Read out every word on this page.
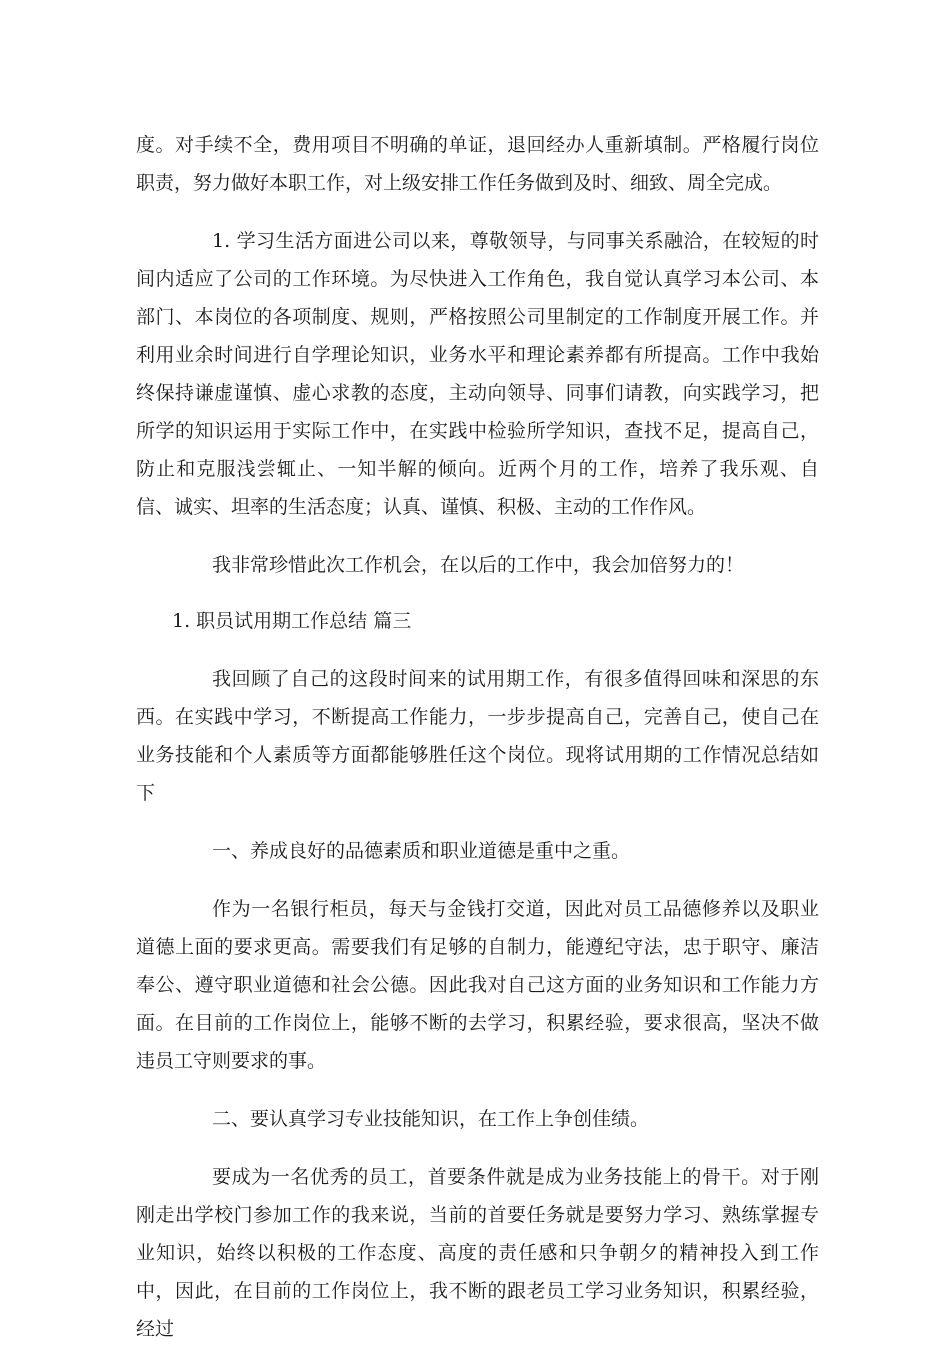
度。对手续不全，费用项目不明确的单证，退回经办人重新填制。严格履行岗位职责，努力做好本职工作，对上级安排工作任务做到及时、细致、周全完成。

1. 学习生活方面进公司以来，尊敬领导，与同事关系融洽，在较短的时间内适应了公司的工作环境。为尽快进入工作角色，我自觉认真学习本公司、本部门、本岗位的各项制度、规则，严格按照公司里制定的工作制度开展工作。并利用业余时间进行自学理论知识，业务水平和理论素养都有所提高。工作中我始终保持谦虚谨慎、虚心求教的态度，主动向领导、同事们请教，向实践学习，把所学的知识运用于实际工作中，在实践中检验所学知识，查找不足，提高自己，防止和克服浅尝辄止、一知半解的倾向。近两个月的工作，培养了我乐观、自信、诚实、坦率的生活态度；认真、谨慎、积极、主动的工作作风。

我非常珍惜此次工作机会，在以后的工作中，我会加倍努力的！

1. 职员试用期工作总结 篇三

我回顾了自己的这段时间来的试用期工作，有很多值得回味和深思的东西。在实践中学习，不断提高工作能力，一步步提高自己，完善自己，使自己在业务技能和个人素质等方面都能够胜任这个岗位。现将试用期的工作情况总结如下

一、养成良好的品德素质和职业道德是重中之重。

作为一名银行柜员，每天与金钱打交道，因此对员工品德修养以及职业道德上面的要求更高。需要我们有足够的自制力，能遵纪守法，忠于职守、廉洁奉公、遵守职业道德和社会公德。因此我对自己这方面的业务知识和工作能力方面。在目前的工作岗位上，能够不断的去学习，积累经验，要求很高，坚决不做违员工守则要求的事。

二、要认真学习专业技能知识，在工作上争创佳绩。

要成为一名优秀的员工，首要条件就是成为业务技能上的骨干。对于刚刚走出学校门参加工作的我来说，当前的首要任务就是要努力学习、熟练掌握专业知识，始终以积极的工作态度、高度的责任感和只争朝夕的精神投入到工作中，因此，在目前的工作岗位上，我不断的跟老员工学习业务知识，积累经验，经过
